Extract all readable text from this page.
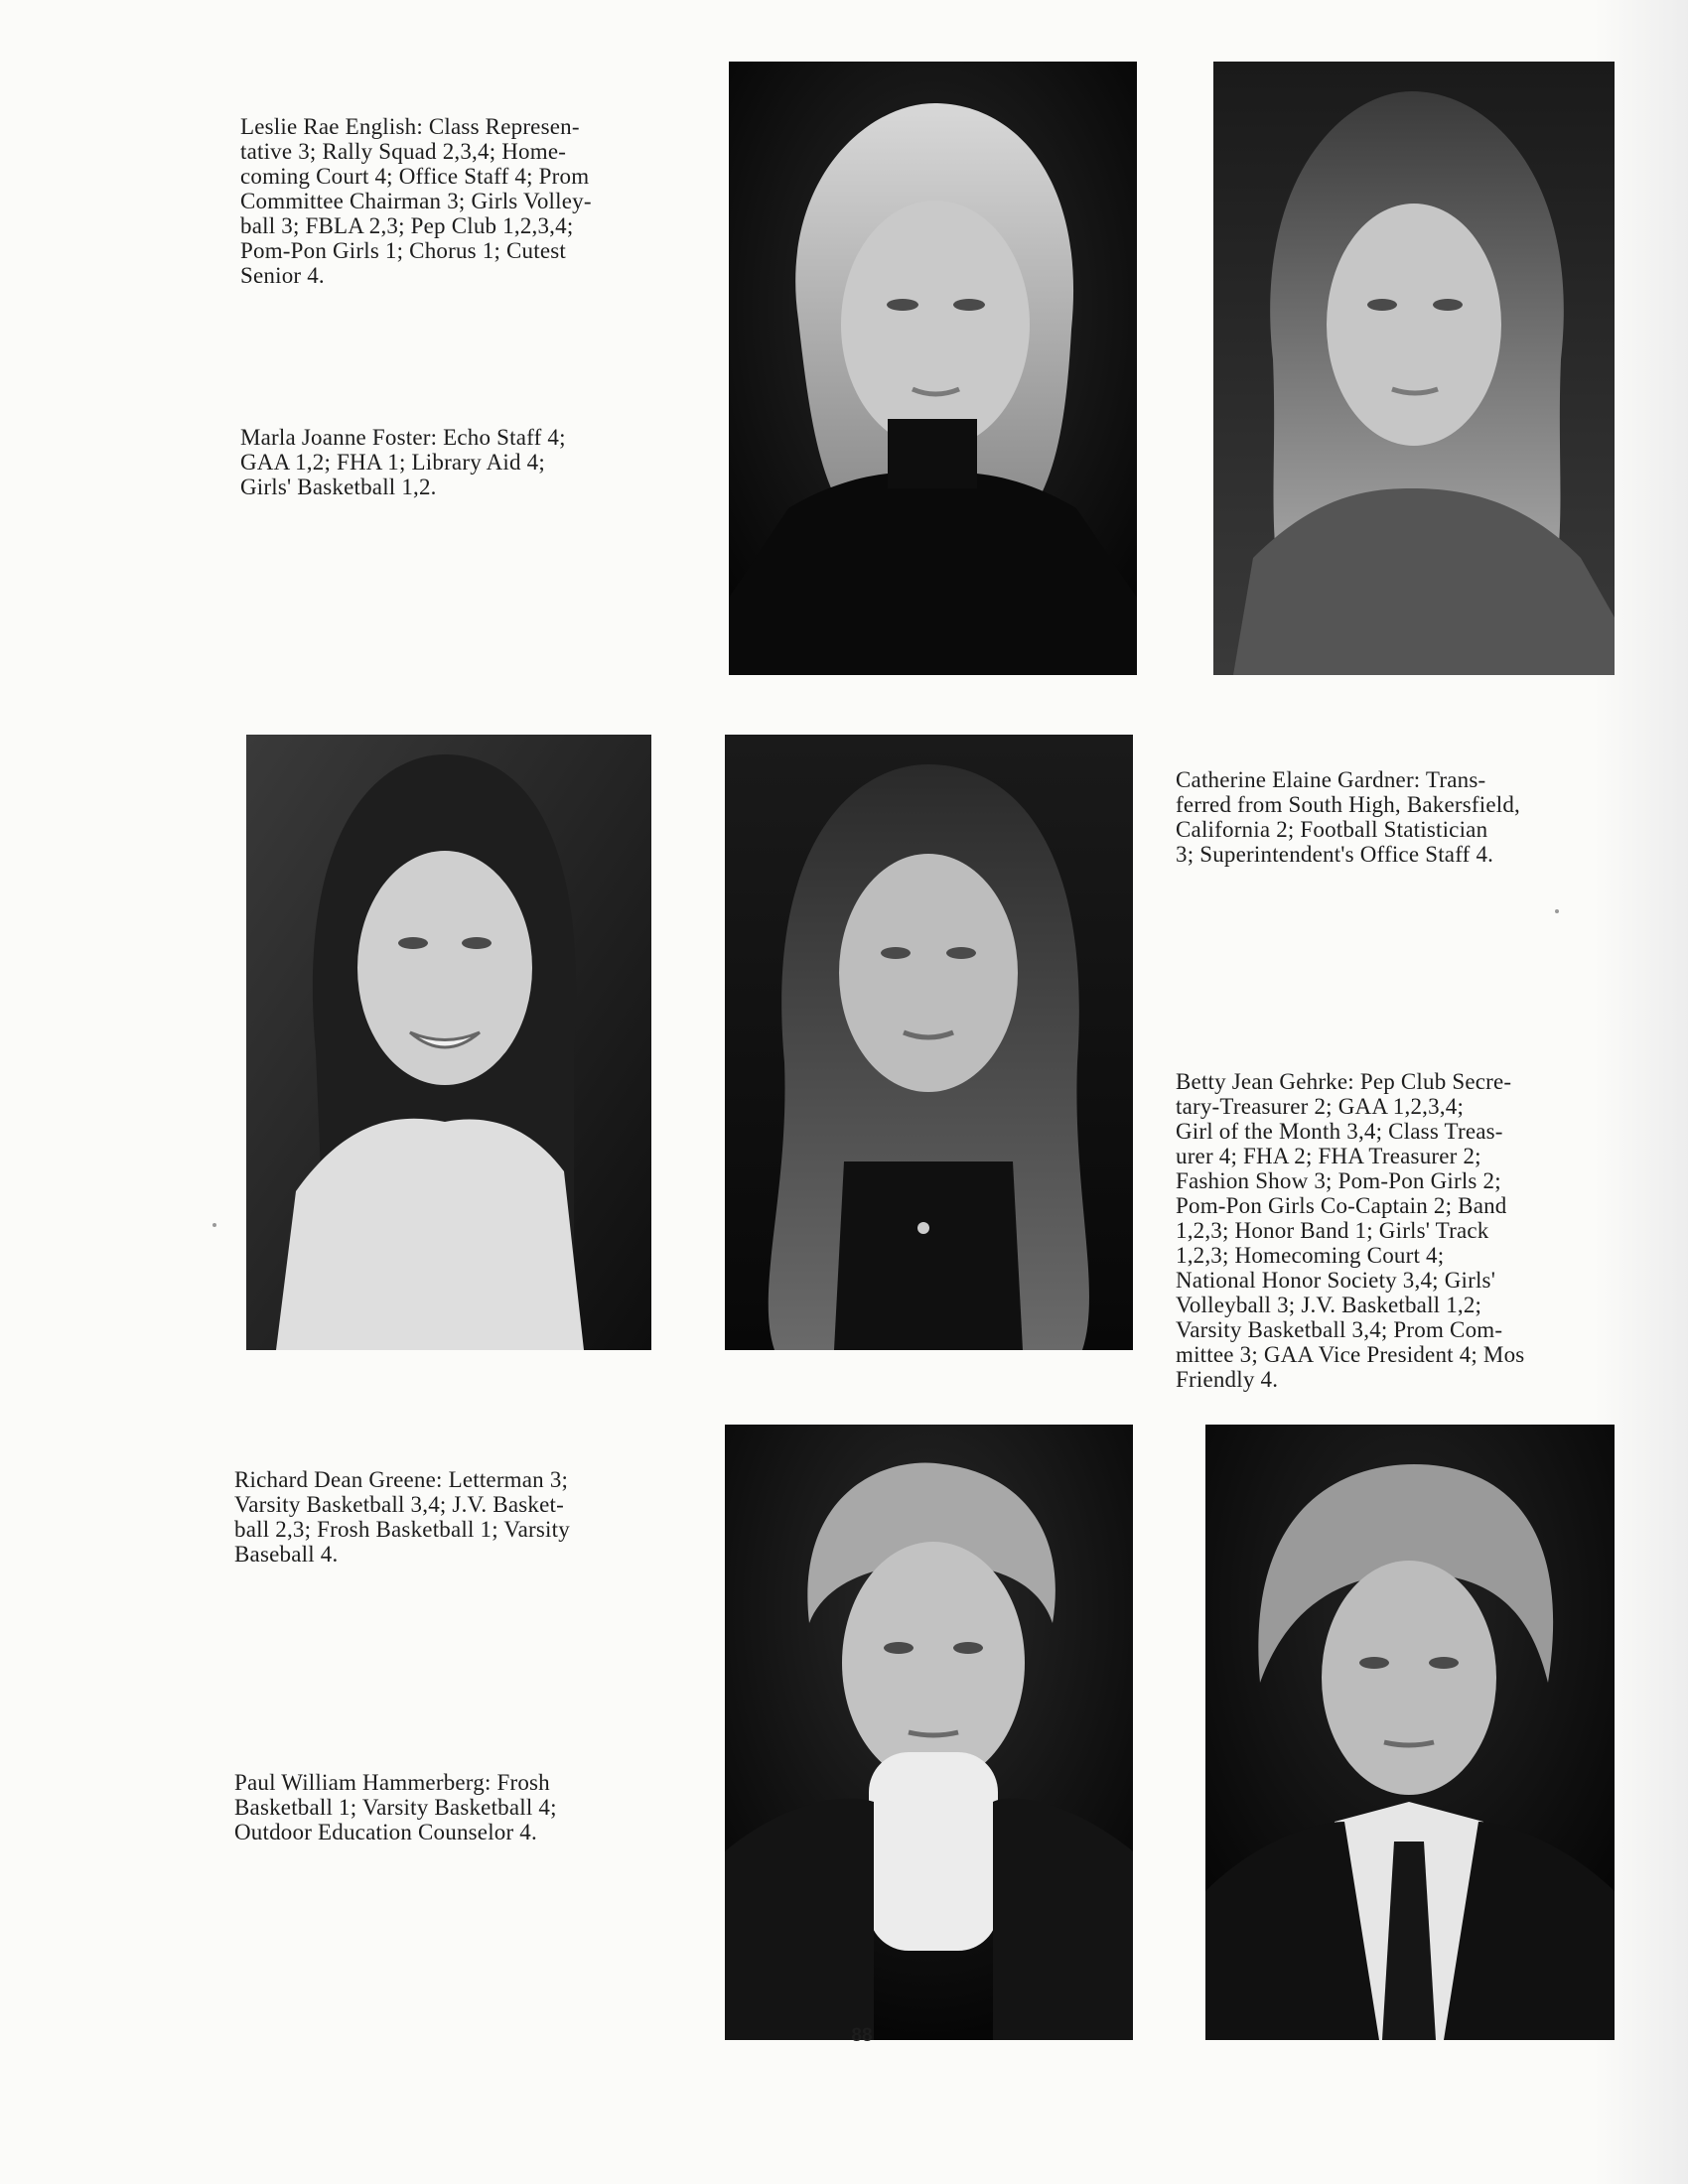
Leslie Rae English: Class Represen-
tative 3; Rally Squad 2,3,4; Home-
coming Court 4; Office Staff 4; Prom
Committee Chairman 3; Girls Volley-
ball 3; FBLA 2,3; Pep Club 1,2,3,4;
Pom-Pon Girls 1; Chorus 1; Cutest
Senior 4.

Marla Joanne Foster: Echo Staff 4;
GAA 1,2; FHA 1; Library Aid 4;
Girls' Basketball 1,2.

Catherine Elaine Gardner: Trans-
ferred from South High, Bakersfield,
California 2; Football Statistician
3; Superintendent's Office Staff 4.

Betty Jean Gehrke: Pep Club Secre-
tary-Treasurer 2; GAA 1,2,3,4;
Girl of the Month 3,4; Class Treas-
urer 4; FHA 2; FHA Treasurer 2;
Fashion Show 3; Pom-Pon Girls 2;
Pom-Pon Girls Co-Captain 2; Band
1,2,3; Honor Band 1; Girls' Track
1,2,3; Homecoming Court 4;
National Honor Society 3,4; Girls'
Volleyball 3; J.V. Basketball 1,2;
Varsity Basketball 3,4; Prom Com-
mittee 3; GAA Vice President 4; Mos
Friendly 4.

Richard Dean Greene: Letterman 3;
Varsity Basketball 3,4; J.V. Basket-
ball 2,3; Frosh Basketball 1; Varsity
Baseball 4.

Paul William Hammerberg: Frosh
Basketball 1; Varsity Basketball 4;
Outdoor Education Counselor 4.

88
